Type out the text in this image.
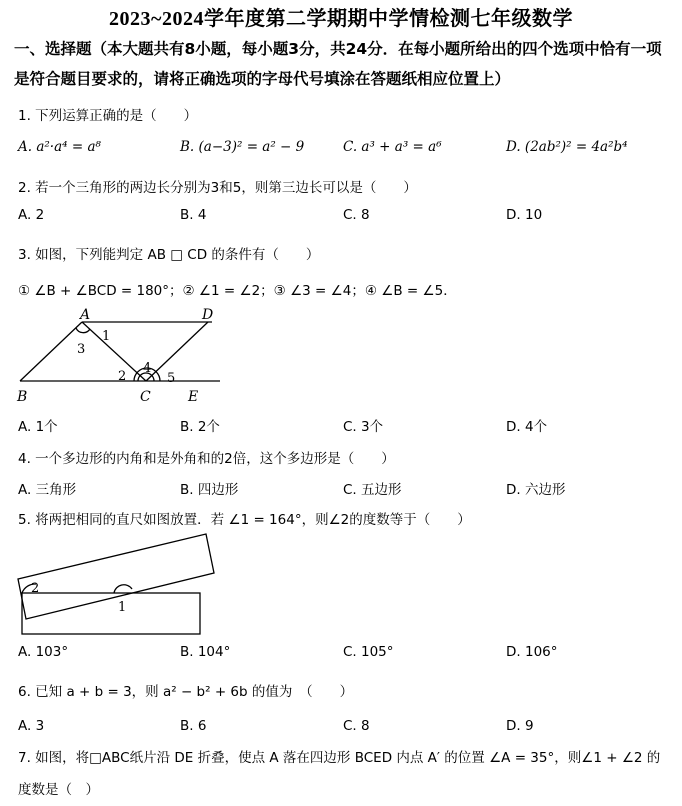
2023~2024学年度第二学期期中学情检测七年级数学
一、选择题（本大题共有8小题，每小题3分，共24分．在每小题所给出的四个选项中恰有一项是符合题目要求的，请将正确选项的字母代号填涂在答题纸相应位置上）
1. 下列运算正确的是（　　）
A. a²·a⁴ = a⁸	B. (a−3)² = a² − 9	C. a³ + a³ = a⁶	D. (2ab²)² = 4a²b⁴
2. 若一个三角形的两边长分别为3和5，则第三边长可以是（　　）
A. 2	B. 4	C. 8	D. 10
3. 如图，下列能判定 AB □ CD 的条件有（　　）
① ∠B + ∠BCD = 180°；② ∠1 = ∠2；③ ∠3 = ∠4；④ ∠B = ∠5．
A	D
B	C	E
1
2
3
4
5
A. 1个	B. 2个	C. 3个	D. 4个
4. 一个多边形的内角和是外角和的2倍，这个多边形是（　　）
A. 三角形	B. 四边形	C. 五边形	D. 六边形
5. 将两把相同的直尺如图放置．若 ∠1 = 164°，则∠2的度数等于（　　）
2
1
A. 103°	B. 104°	C. 105°	D. 106°
6. 已知 a + b = 3，则 a² − b² + 6b 的值为　（　　）
A. 3	B. 6	C. 8	D. 9
7. 如图，将□ABC纸片沿 DE 折叠，使点 A 落在四边形 BCED 内点 A′ 的位置 ∠A = 35°，则∠1 + ∠2 的度数是（　）
